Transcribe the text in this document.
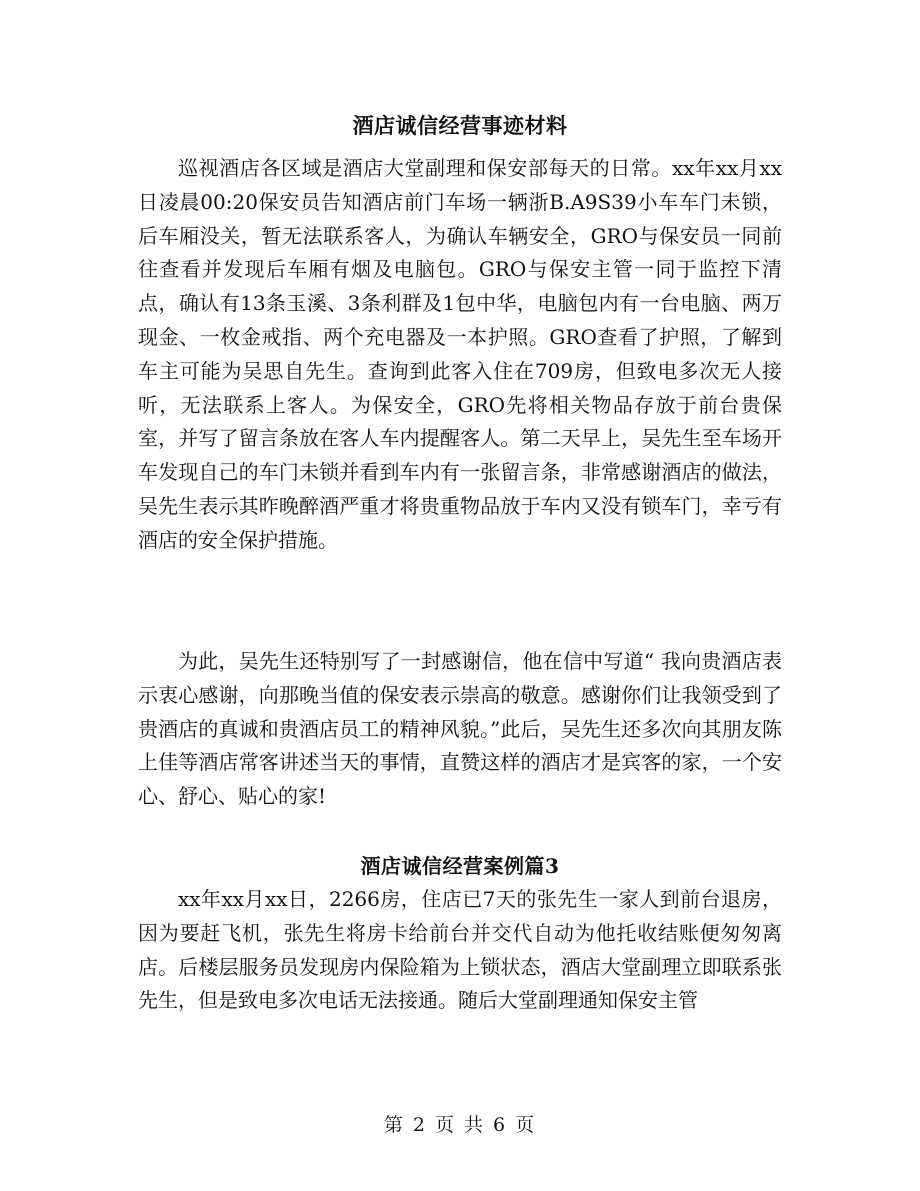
酒店诚信经营事迹材料

巡视酒店各区域是酒店大堂副理和保安部每天的日常。xx年xx月xx日凌晨00:20保安员告知酒店前门车场一辆浙B.A9S39小车车门未锁，后车厢没关，暂无法联系客人，为确认车辆安全，GRO与保安员一同前往查看并发现后车厢有烟及电脑包。GRO与保安主管一同于监控下清点，确认有13条玉溪、3条利群及1包中华，电脑包内有一台电脑、两万现金、一枚金戒指、两个充电器及一本护照。GRO查看了护照，了解到车主可能为吴思自先生。查询到此客入住在709房，但致电多次无人接听，无法联系上客人。为保安全，GRO先将相关物品存放于前台贵保室，并写了留言条放在客人车内提醒客人。第二天早上，吴先生至车场开车发现自己的车门未锁并看到车内有一张留言条，非常感谢酒店的做法，吴先生表示其昨晚醉酒严重才将贵重物品放于车内又没有锁车门，幸亏有酒店的安全保护措施。

为此，吴先生还特别写了一封感谢信，他在信中写道“ 我向贵酒店表示衷心感谢，向那晚当值的保安表示崇高的敬意。感谢你们让我领受到了贵酒店的真诚和贵酒店员工的精神风貌。”此后，吴先生还多次向其朋友陈上佳等酒店常客讲述当天的事情，直赞这样的酒店才是宾客的家，一个安心、舒心、贴心的家!

酒店诚信经营案例篇3

xx年xx月xx日，2266房，住店已7天的张先生一家人到前台退房，因为要赶飞机，张先生将房卡给前台并交代自动为他托收结账便匆匆离店。后楼层服务员发现房内保险箱为上锁状态，酒店大堂副理立即联系张先生，但是致电多次电话无法接通。随后大堂副理通知保安主管

第 2 页 共 6 页
